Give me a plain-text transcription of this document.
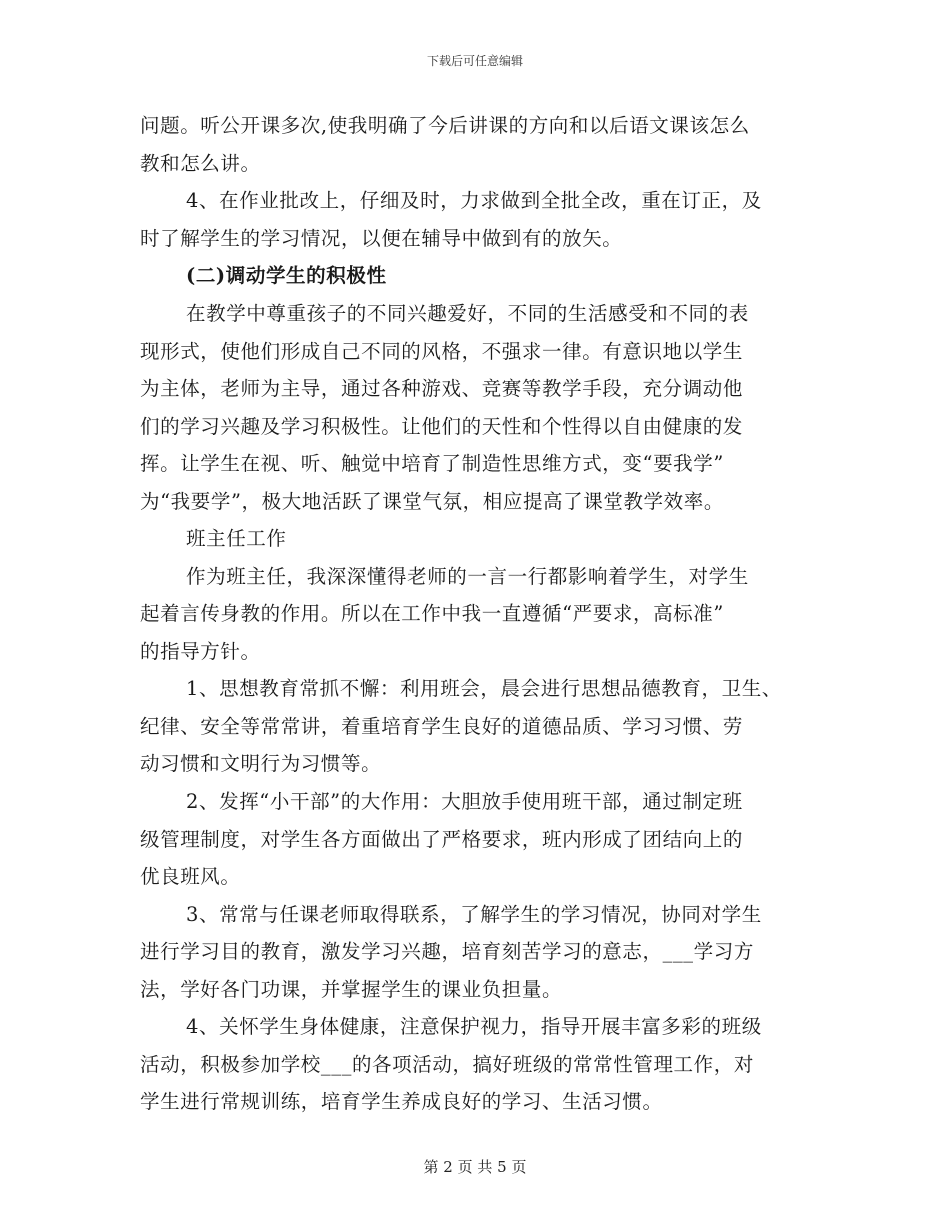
下载后可任意编辑
问题。听公开课多次,使我明确了今后讲课的方向和以后语文课该怎么
教和怎么讲。
4、在作业批改上，仔细及时，力求做到全批全改，重在订正，及
时了解学生的学习情况，以便在辅导中做到有的放矢。
(二)调动学生的积极性
在教学中尊重孩子的不同兴趣爱好，不同的生活感受和不同的表
现形式，使他们形成自己不同的风格，不强求一律。有意识地以学生
为主体，老师为主导，通过各种游戏、竞赛等教学手段，充分调动他
们的学习兴趣及学习积极性。让他们的天性和个性得以自由健康的发
挥。让学生在视、听、触觉中培育了制造性思维方式，变“要我学”
为“我要学”，极大地活跃了课堂气氛，相应提高了课堂教学效率。
班主任工作
作为班主任，我深深懂得老师的一言一行都影响着学生，对学生
起着言传身教的作用。所以在工作中我一直遵循“严要求，高标准”
的指导方针。
1、思想教育常抓不懈：利用班会，晨会进行思想品德教育，卫生、
纪律、安全等常常讲，着重培育学生良好的道德品质、学习习惯、劳
动习惯和文明行为习惯等。
2、发挥“小干部”的大作用：大胆放手使用班干部，通过制定班
级管理制度，对学生各方面做出了严格要求，班内形成了团结向上的
优良班风。
3、常常与任课老师取得联系，了解学生的学习情况，协同对学生
进行学习目的教育，激发学习兴趣，培育刻苦学习的意志，___学习方
法，学好各门功课，并掌握学生的课业负担量。
4、关怀学生身体健康，注意保护视力，指导开展丰富多彩的班级
活动，积极参加学校___的各项活动，搞好班级的常常性管理工作，对
学生进行常规训练，培育学生养成良好的学习、生活习惯。
第 2 页 共 5 页
